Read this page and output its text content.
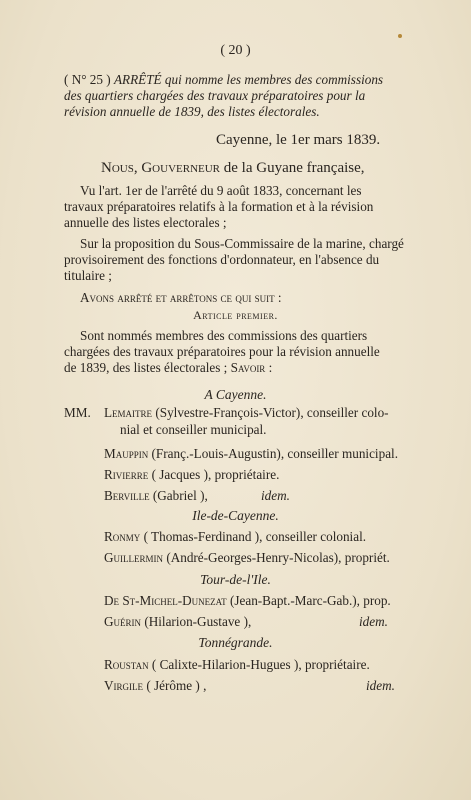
( 20 )
( N° 25 ) ARRÊTÉ qui nomme les membres des commissions
des quartiers chargées des travaux préparatoires pour la
révision annuelle de 1839, des listes électorales.
Cayenne, le 1er mars 1839.
Nous, Gouverneur de la Guyane française,
Vu l'art. 1er de l'arrêté du 9 août 1833, concernant les
travaux préparatoires relatifs à la formation et à la révision
annuelle des listes electorales ;
Sur la proposition du Sous-Commissaire de la marine, chargé
provisoirement des fonctions d'ordonnateur, en l'absence du
titulaire ;
Avons arrêté et arrêtons ce qui suit :
Article premier.
Sont nommés membres des commissions des quartiers
chargées des travaux préparatoires pour la révision annuelle
de 1839, des listes électorales ; Savoir :
A Cayenne.
MM. Lemaitre (Sylvestre-François-Victor), conseiller colo-
nial et conseiller municipal.
Mauppin (Franç.-Louis-Augustin), conseiller municipal.
Rivierre ( Jacques ), propriétaire.
Berville (Gabriel ),	idem.
Ile-de-Cayenne.
Ronmy ( Thomas-Ferdinand ), conseiller colonial.
Guillermin (André-Georges-Henry-Nicolas), propriét.
Tour-de-l'Ile.
De St-Michel-Dunezat (Jean-Bapt.-Marc-Gab.), prop.
Guérin (Hilarion-Gustave ),	idem.
Tonnégrande.
Roustan ( Calixte-Hilarion-Hugues ), propriétaire.
Virgile ( Jérôme ) ,	idem.
